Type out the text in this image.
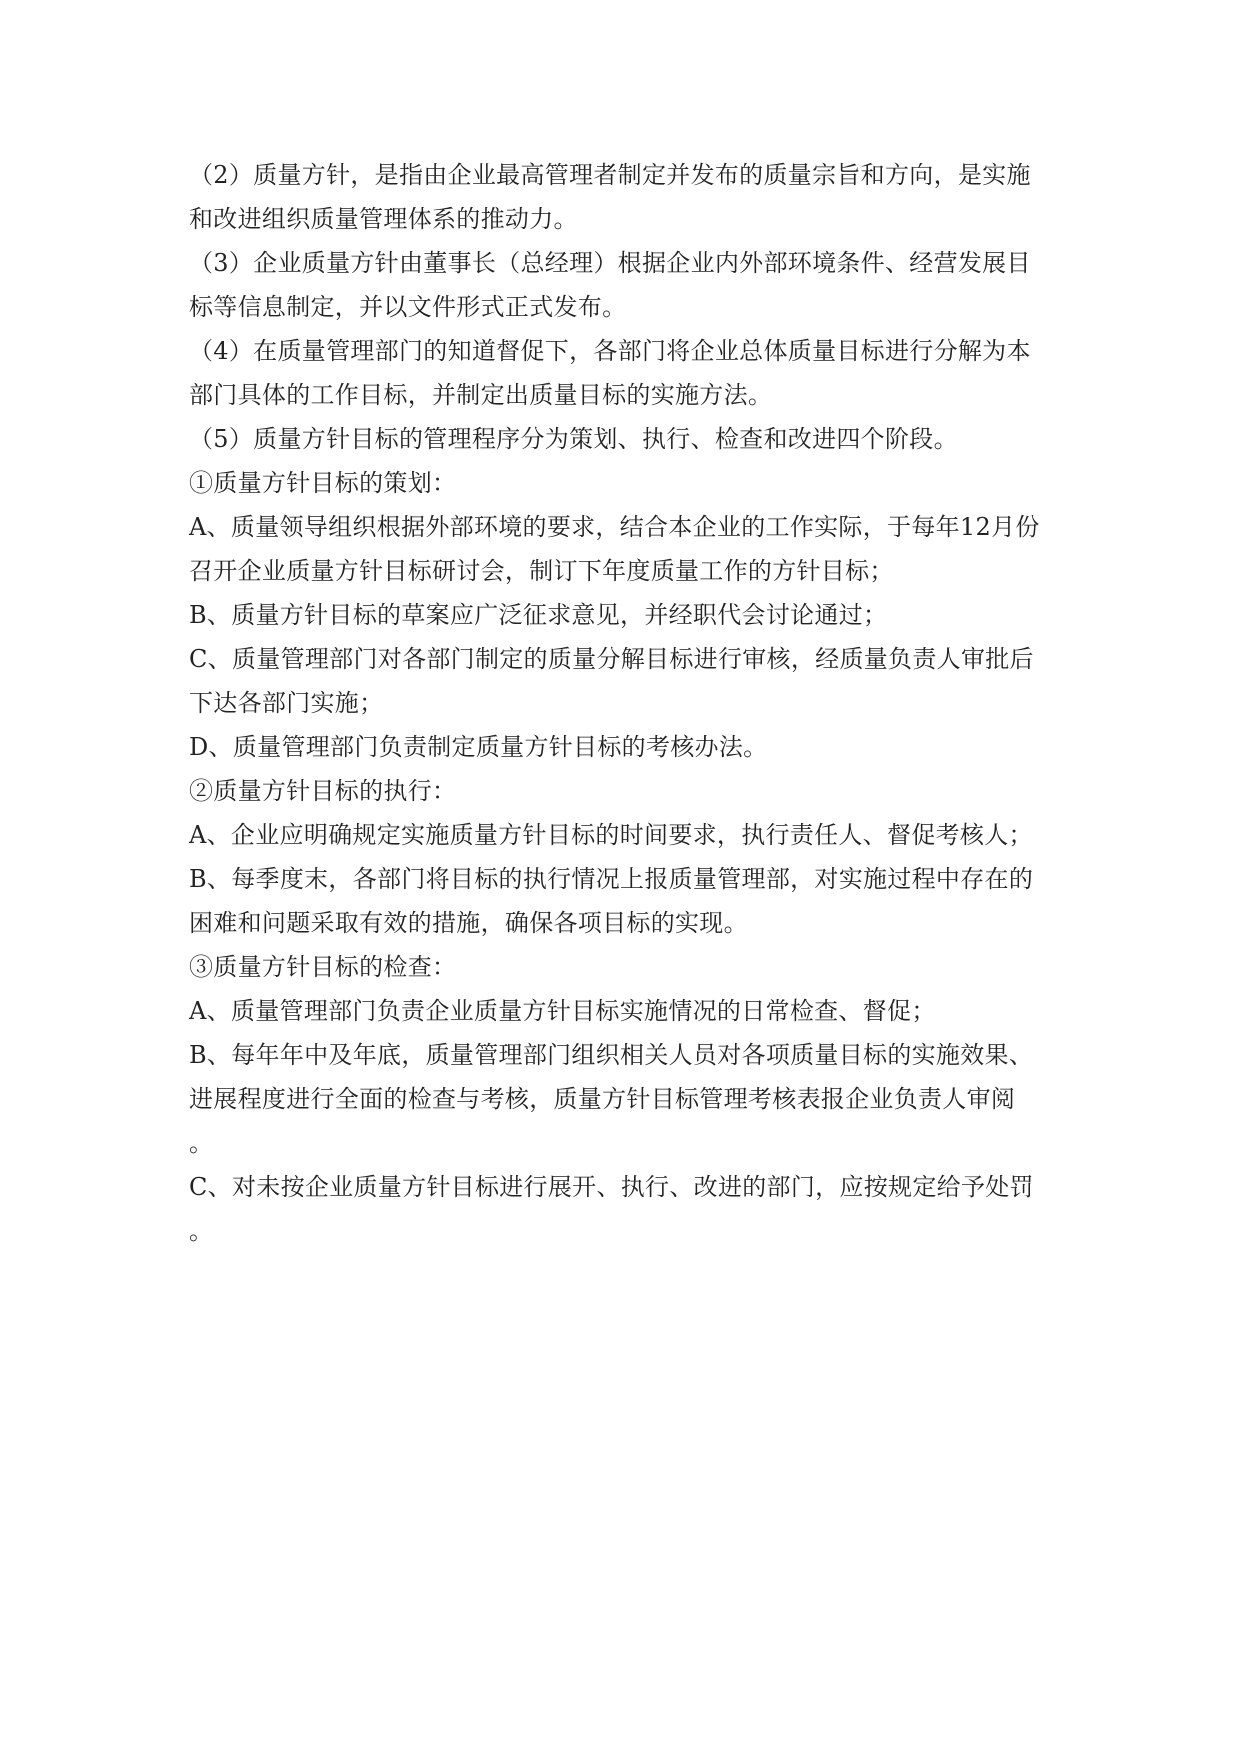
（2）质量方针，是指由企业最高管理者制定并发布的质量宗旨和方向，是实施
和改进组织质量管理体系的推动力。
（3）企业质量方针由董事长（总经理）根据企业内外部环境条件、经营发展目
标等信息制定，并以文件形式正式发布。
（4）在质量管理部门的知道督促下，各部门将企业总体质量目标进行分解为本
部门具体的工作目标，并制定出质量目标的实施方法。
（5）质量方针目标的管理程序分为策划、执行、检查和改进四个阶段。
①质量方针目标的策划：
A、质量领导组织根据外部环境的要求，结合本企业的工作实际，于每年12月份
召开企业质量方针目标研讨会，制订下年度质量工作的方针目标；
B、质量方针目标的草案应广泛征求意见，并经职代会讨论通过；
C、质量管理部门对各部门制定的质量分解目标进行审核，经质量负责人审批后
下达各部门实施；
D、质量管理部门负责制定质量方针目标的考核办法。
②质量方针目标的执行：
A、企业应明确规定实施质量方针目标的时间要求，执行责任人、督促考核人；
B、每季度末，各部门将目标的执行情况上报质量管理部，对实施过程中存在的
困难和问题采取有效的措施，确保各项目标的实现。
③质量方针目标的检查：
A、质量管理部门负责企业质量方针目标实施情况的日常检查、督促；
B、每年年中及年底，质量管理部门组织相关人员对各项质量目标的实施效果、
进展程度进行全面的检查与考核，质量方针目标管理考核表报企业负责人审阅
。
C、对未按企业质量方针目标进行展开、执行、改进的部门，应按规定给予处罚
。
